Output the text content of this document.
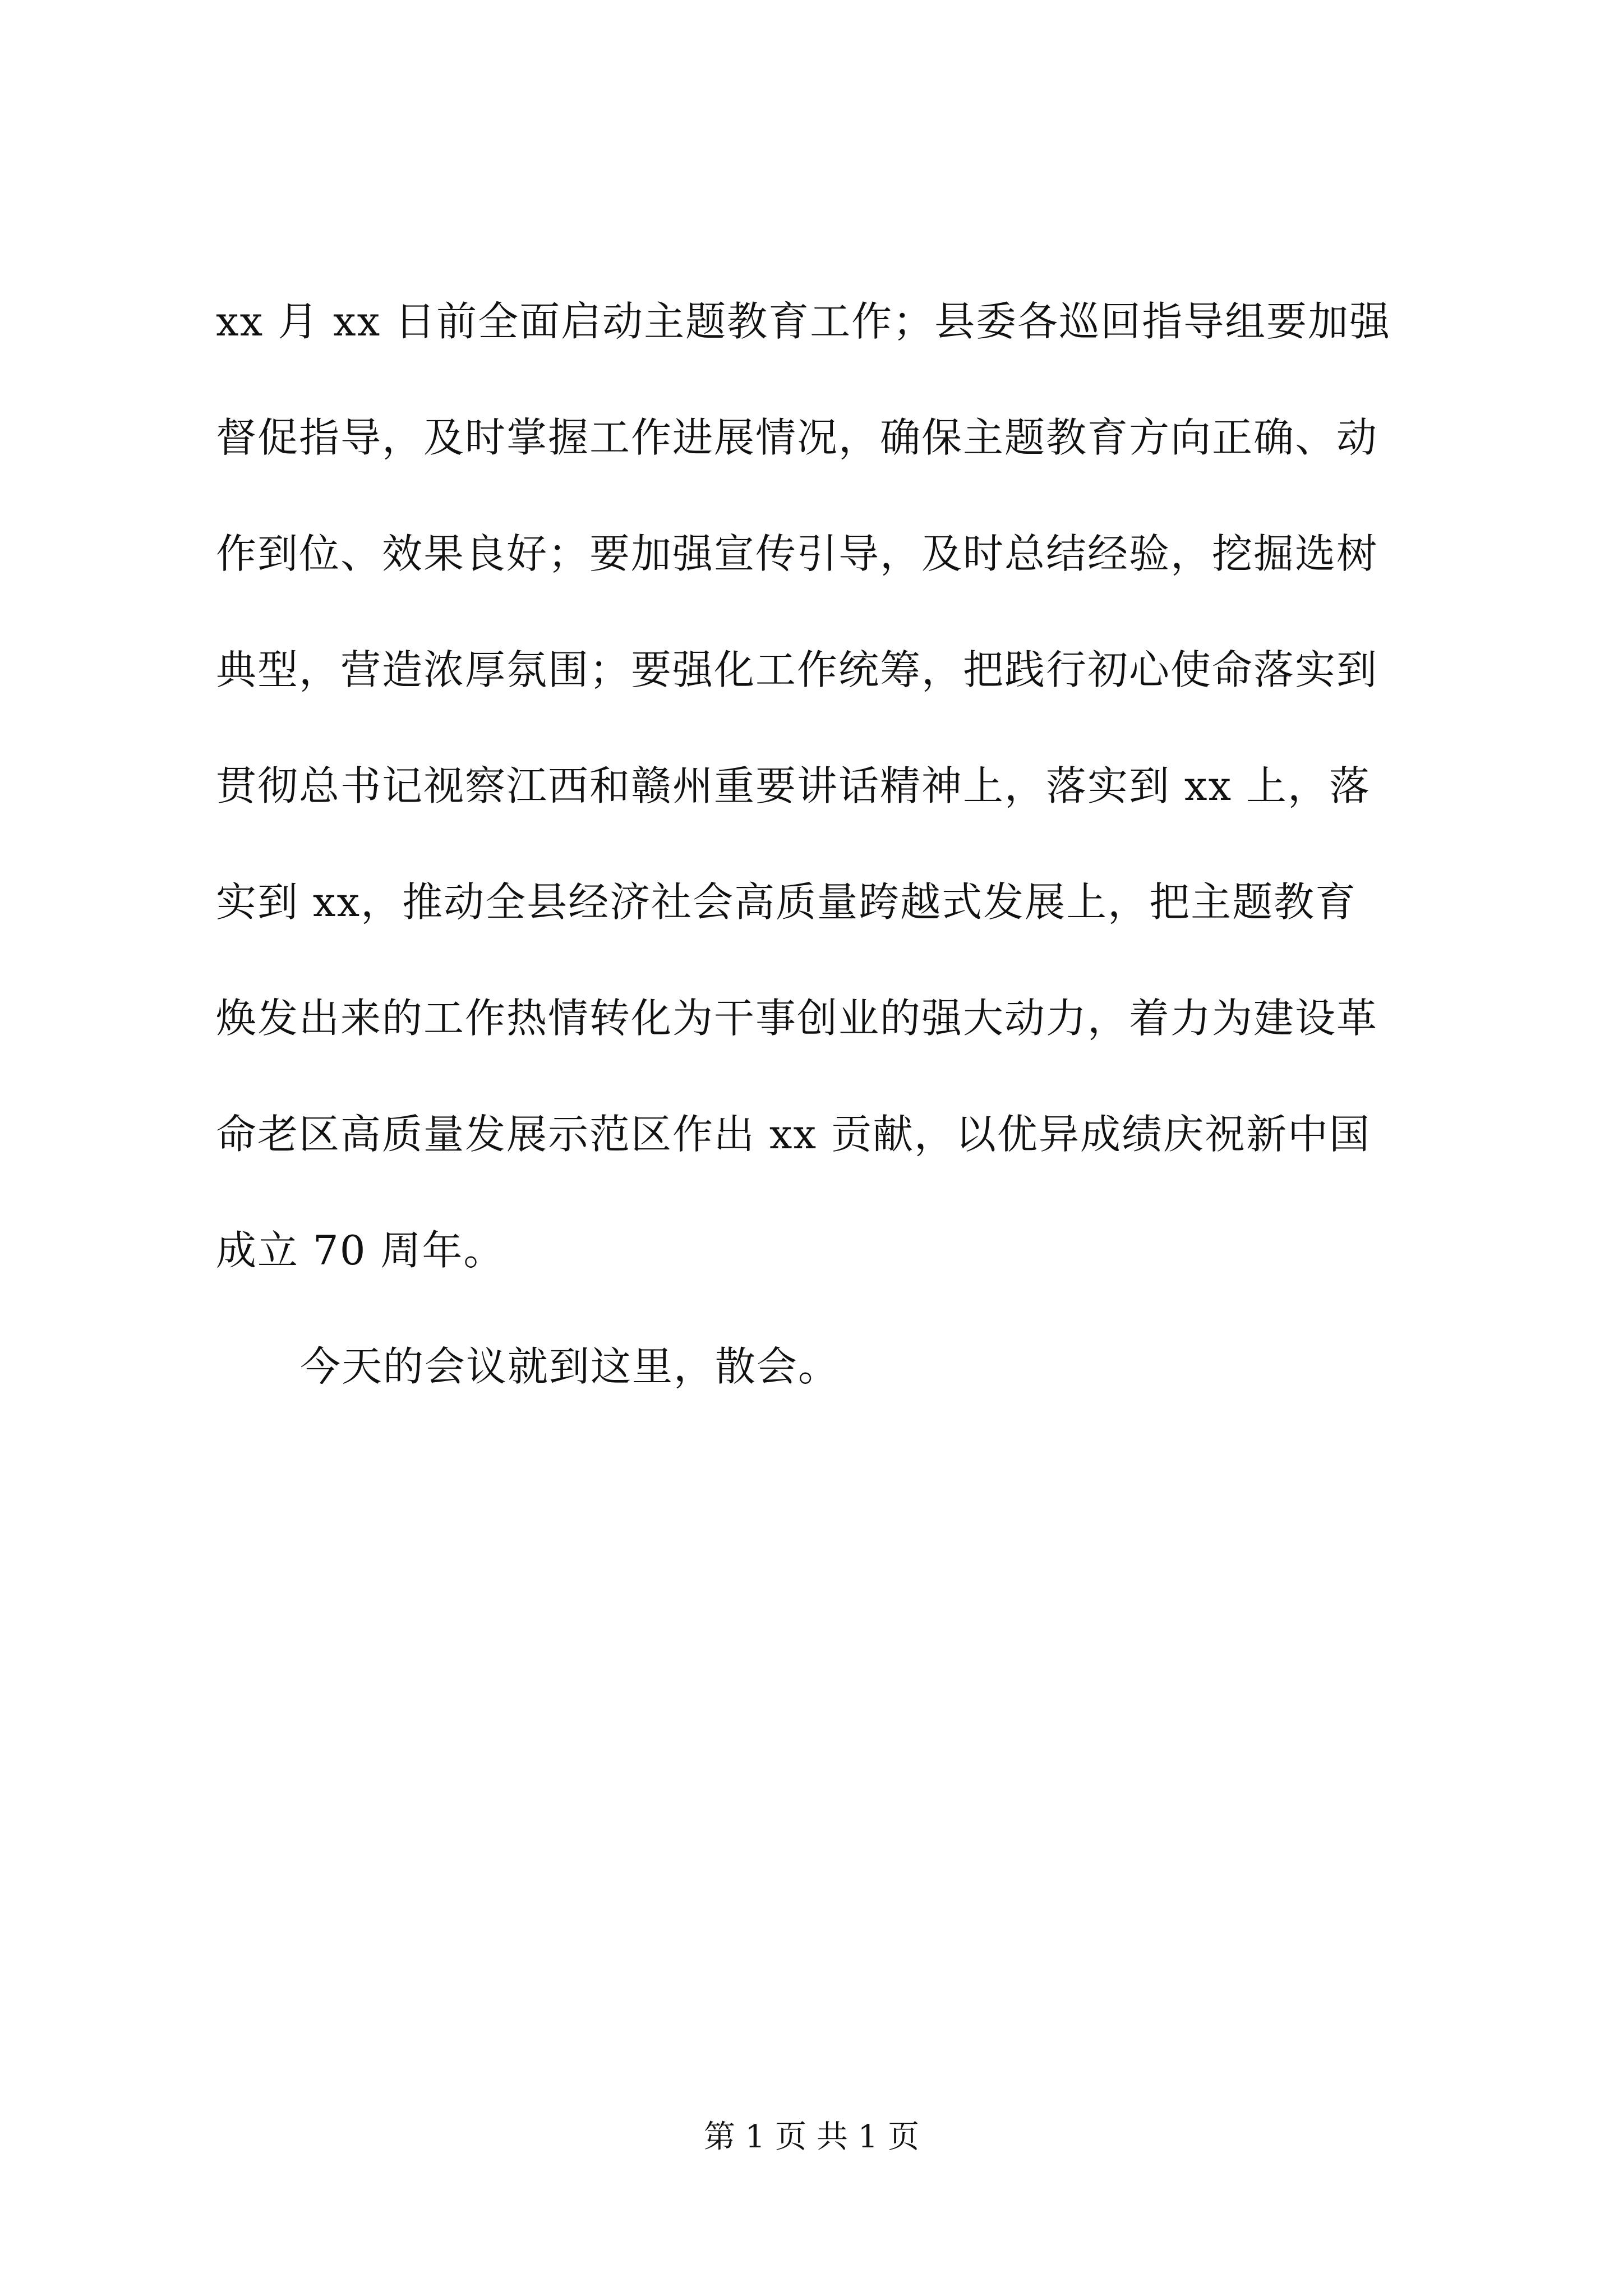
xx 月 xx 日前全面启动主题教育工作；县委各巡回指导组要加强
督促指导，及时掌握工作进展情况，确保主题教育方向正确、动
作到位、效果良好；要加强宣传引导，及时总结经验，挖掘选树
典型，营造浓厚氛围；要强化工作统筹，把践行初心使命落实到
贯彻总书记视察江西和赣州重要讲话精神上，落实到 xx 上，落
实到 xx，推动全县经济社会高质量跨越式发展上，把主题教育
焕发出来的工作热情转化为干事创业的强大动力，着力为建设革
命老区高质量发展示范区作出 xx 贡献，以优异成绩庆祝新中国
成立 70 周年。
今天的会议就到这里，散会。
第 1 页 共 1 页
